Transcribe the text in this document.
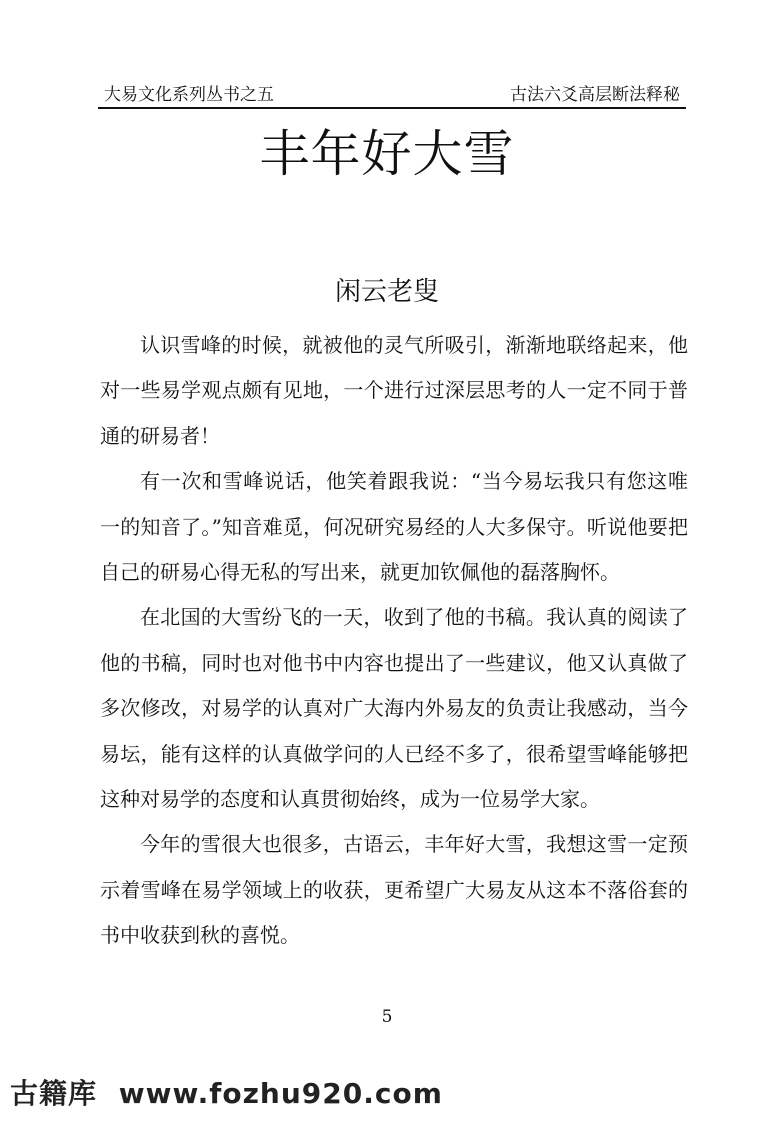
大易文化系列丛书之五	古法六爻高层断法释秘
丰年好大雪
闲云老叟

认识雪峰的时候，就被他的灵气所吸引，渐渐地联络起来，他对一些易学观点颇有见地，一个进行过深层思考的人一定不同于普通的研易者！

有一次和雪峰说话，他笑着跟我说：“当今易坛我只有您这唯一的知音了。”知音难觅，何况研究易经的人大多保守。听说他要把自己的研易心得无私的写出来，就更加钦佩他的磊落胸怀。

在北国的大雪纷飞的一天，收到了他的书稿。我认真的阅读了他的书稿，同时也对他书中内容也提出了一些建议，他又认真做了多次修改，对易学的认真对广大海内外易友的负责让我感动，当今易坛，能有这样的认真做学问的人已经不多了，很希望雪峰能够把这种对易学的态度和认真贯彻始终，成为一位易学大家。

今年的雪很大也很多，古语云，丰年好大雪，我想这雪一定预示着雪峰在易学领域上的收获，更希望广大易友从这本不落俗套的书中收获到秋的喜悦。

5
古籍库 www.fozhu920.com
